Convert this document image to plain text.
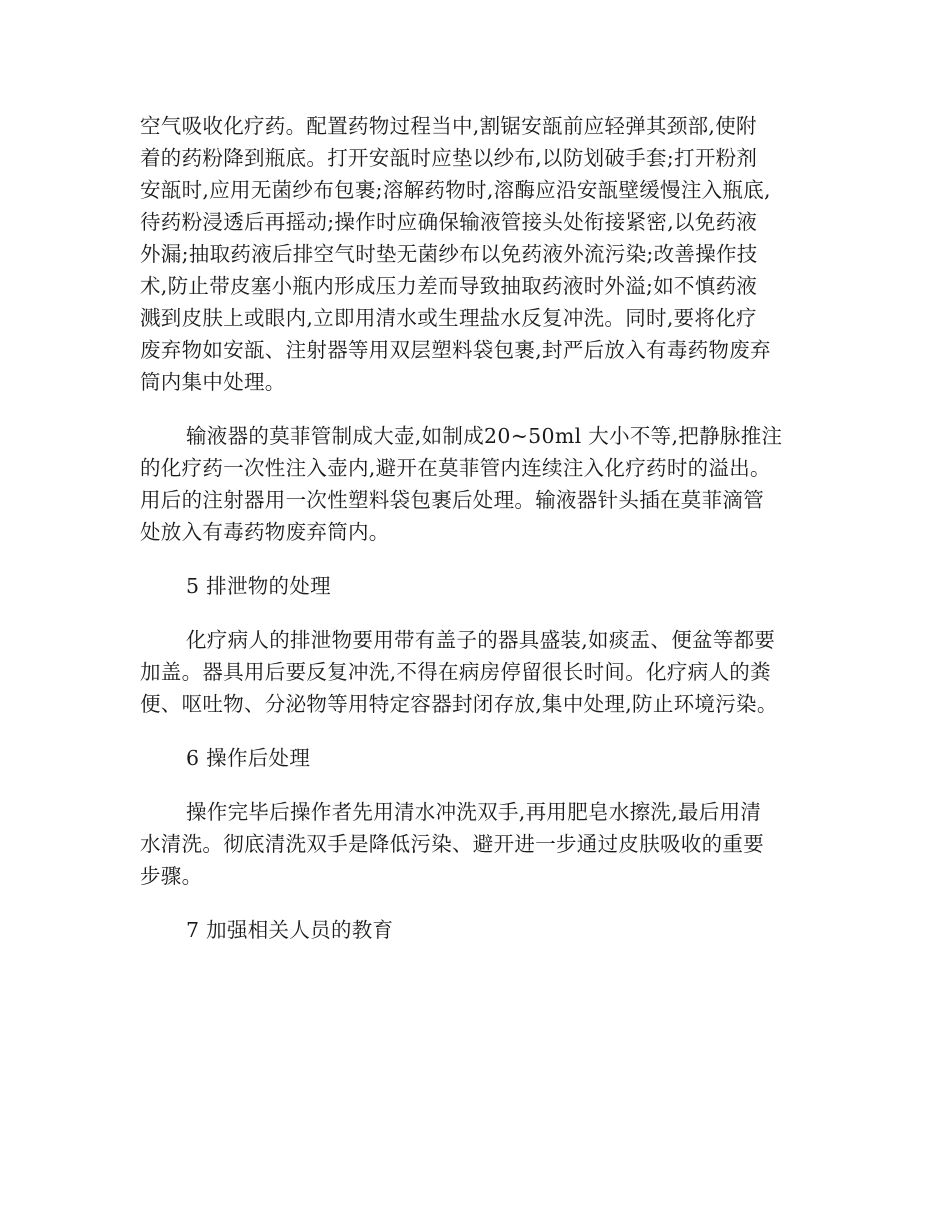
空气吸收化疗药。配置药物过程当中,割锯安瓿前应轻弹其颈部,使附
着的药粉降到瓶底。打开安瓿时应垫以纱布,以防划破手套;打开粉剂
安瓿时,应用无菌纱布包裹;溶解药物时,溶酶应沿安瓿壁缓慢注入瓶底,
待药粉浸透后再摇动;操作时应确保输液管接头处衔接紧密,以免药液
外漏;抽取药液后排空气时垫无菌纱布以免药液外流污染;改善操作技
术,防止带皮塞小瓶内形成压力差而导致抽取药液时外溢;如不慎药液
溅到皮肤上或眼内,立即用清水或生理盐水反复冲洗。同时,要将化疗
废弃物如安瓿、注射器等用双层塑料袋包裹,封严后放入有毒药物废弃
筒内集中处理。
输液器的莫菲管制成大壶,如制成20~50ml 大小不等,把静脉推注
的化疗药一次性注入壶内,避开在莫菲管内连续注入化疗药时的溢出。
用后的注射器用一次性塑料袋包裹后处理。输液器针头插在莫菲滴管
处放入有毒药物废弃筒内。
5 排泄物的处理
化疗病人的排泄物要用带有盖子的器具盛装,如痰盂、便盆等都要
加盖。器具用后要反复冲洗,不得在病房停留很长时间。化疗病人的粪
便、呕吐物、分泌物等用特定容器封闭存放,集中处理,防止环境污染。
6 操作后处理
操作完毕后操作者先用清水冲洗双手,再用肥皂水擦洗,最后用清
水清洗。彻底清洗双手是降低污染、避开进一步通过皮肤吸收的重要
步骤。
7 加强相关人员的教育
